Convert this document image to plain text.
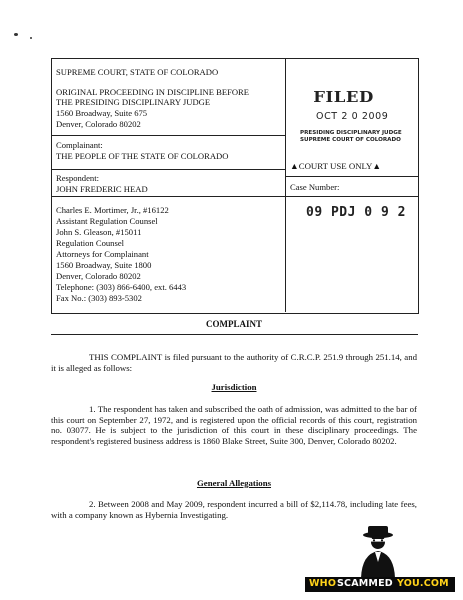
SUPREME COURT, STATE OF COLORADO
ORIGINAL PROCEEDING IN DISCIPLINE BEFORE
THE PRESIDING DISCIPLINARY JUDGE
1560 Broadway, Suite 675
Denver, Colorado 80202
Complainant:
THE PEOPLE OF THE STATE OF COLORADO
Respondent:
JOHN FREDERIC HEAD
Charles E. Mortimer, Jr., #16122
Assistant Regulation Counsel
John S. Gleason, #15011
Regulation Counsel
Attorneys for Complainant
1560 Broadway, Suite 1800
Denver, Colorado 80202
Telephone: (303) 866-6400, ext. 6443
Fax No.: (303) 893-5302
FILED
OCT 2 0 2009
PRESIDING DISCIPLINARY JUDGE
SUPREME COURT OF COLORADO
▲COURT USE ONLY▲
Case Number:
09 PDJ 0 9 2
COMPLAINT
THIS COMPLAINT is filed pursuant to the authority of C.R.C.P. 251.9 through 251.14, and it is alleged as follows:
Jurisdiction
1. The respondent has taken and subscribed the oath of admission, was admitted to the bar of this court on September 27, 1972, and is registered upon the official records of this court, registration no. 03077. He is subject to the jurisdiction of this court in these disciplinary proceedings. The respondent's registered business address is 1860 Blake Street, Suite 300, Denver, Colorado 80202.
General Allegations
2. Between 2008 and May 2009, respondent incurred a bill of $2,114.78, including late fees, with a company known as Hybernia Investigating.
WHO SCAMMED YOU.COM
